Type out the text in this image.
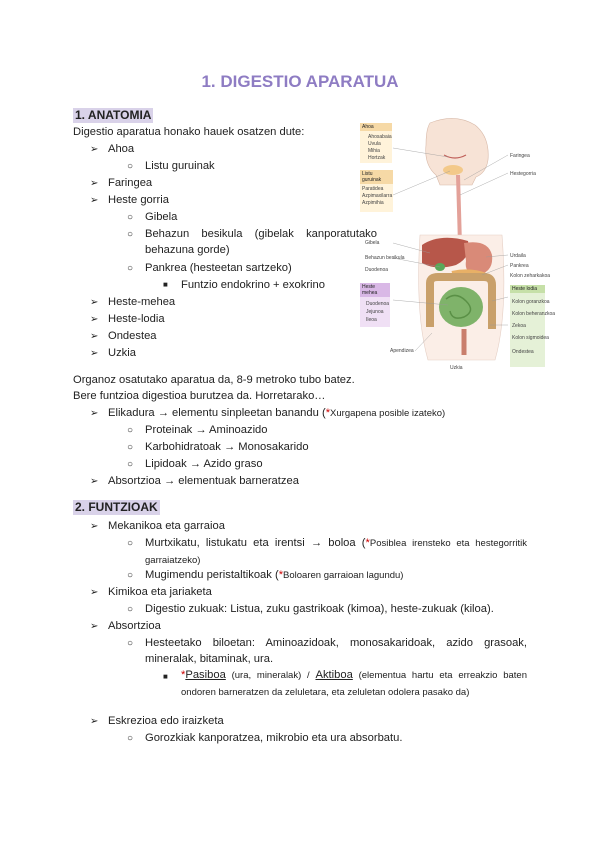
1. DIGESTIO APARATUA
1. ANATOMIA
Digestio aparatua honako hauek osatzen dute:
➢ Ahoa
○ Listu guruinak
➢ Faringea
➢ Heste gorria
○ Gibela
○ Behazun besikula (gibelak kanporatutako behazuna gorde)
○ Pankrea (hesteetan sartzeko)
■ Funtzio endokrino + exokrino
➢ Heste-mehea
➢ Heste-lodia
➢ Ondestea
➢ Uzkia
Organoz osatutako aparatua da, 8-9 metroko tubo batez.
Bere funtzioa digestioa burutzea da. Horretarako…
➢ Elikadura → elementu sinpleetan banandu (*Xurgapena posible izateko)
○ Proteinak → Aminoazido
○ Karbohidratoak → Monosakarido
○ Lipidoak → Azido graso
➢ Absortzioa → elementuak barneratzea
2. FUNTZIOAK
➢ Mekanikoa eta garraioa
○ Murtxikatu, listukatu eta irentsi → boloa (*Posiblea irensteko eta hestegorritik garraiatzeko)
○ Mugimendu peristaltikoak (*Boloaren garraioan lagundu)
➢ Kimikoa eta jariaketa
○ Digestio zukuak: Listua, zuku gastrikoak (kimoa), heste-zukuak (kiloa).
➢ Absortzioa
○ Hesteetako biloetan: Aminoazidoak, monosakaridoak, azido grasoak, mineralak, bitaminak, ura.
■ *Pasiboa (ura, mineralak) / Aktiboa (elementua hartu eta erreakzio baten ondoren barneratzen da zeluletara, eta zeluletan odolera pasako da)
➢ Eskrezioa edo iraizketa
○ Gorozkiak kanporatzea, mikrobio eta ura absorbatu.
Ahoa
Ahosabaia
Uvula
Mihia
Hortzak
Listu guruinak
Paratidea
Azpimaxilarra
Azpimihia
Faringea
Hestegorria
Gibela
Behazun besikula
Duodenoa
Heste mehea
Duodenoa
Jejunoa
Ileoa
Urdaila
Pankrea
Kolon zeharkakoa
Heste lodia
Kolon goranzkoa
Kolon beheranzkoa
Zekoa
Kolon sigmoidea
Ondestea
Apendizea
Uzkia
